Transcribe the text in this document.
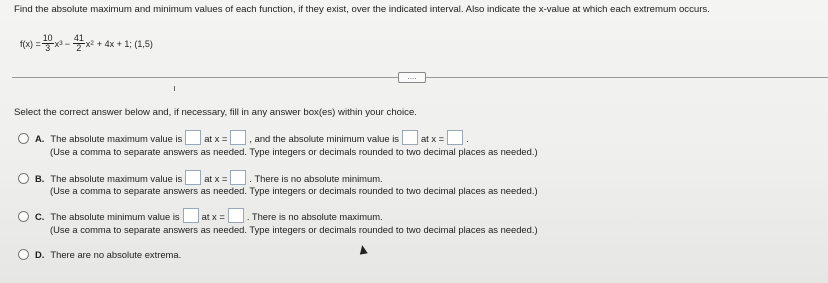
Find the absolute maximum and minimum values of each function, if they exist, over the indicated interval. Also indicate the x-value at which each extremum occurs.
$f(x) = \frac{10}{3}$ x $3 - \frac{41}{2}$ x 2 + 4x + 1; (1,5)
....
Select the correct answer below and, if necessary, fill in any answer box(es) within your choice.
A. The absolute maximum value is at x = , and the absolute minimum value is at x = .
(Use a comma to separate answers as needed. Type integers or decimals rounded to two decimal places as needed.)
B. The absolute maximum value is at x = . There is no absolute minimum.
(Use a comma to separate answers as needed. Type integers or decimals rounded to two decimal places as needed.)
C. The absolute minimum value is at x = . There is no absolute maximum.
(Use a comma to separate answers as needed. Type integers or decimals rounded to two decimal places as needed.)
D. There are no absolute extrema.
